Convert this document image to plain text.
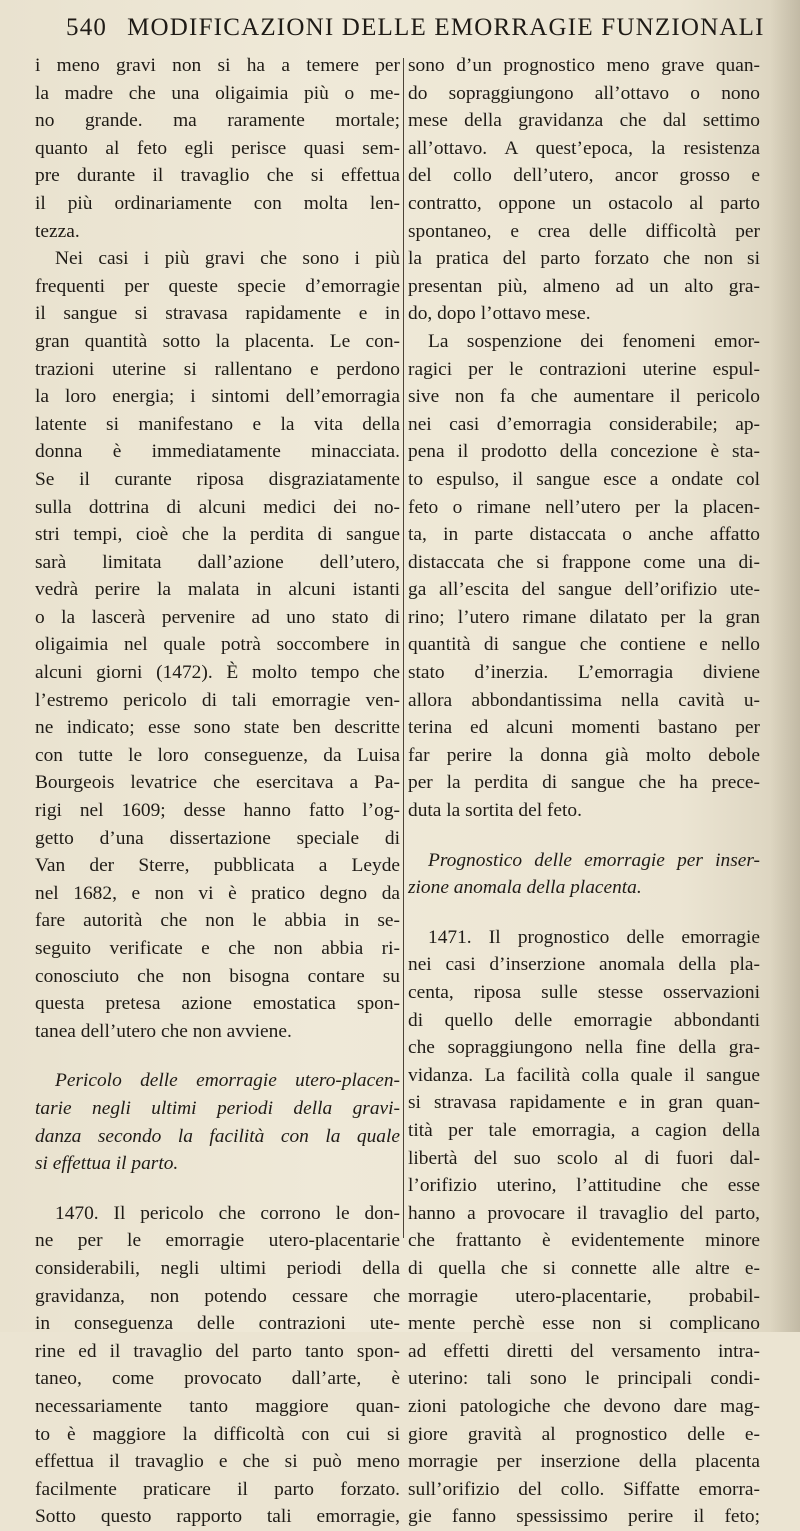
540 MODIFICAZIONI DELLE EMORRAGIE FUNZIONALI
i meno gravi non si ha a temere per
la madre che una oligaimia più o me-
no grande. ma raramente mortale;
quanto al feto egli perisce quasi sem-
pre durante il travaglio che si effettua
il più ordinariamente con molta len-
tezza.
Nei casi i più gravi che sono i più
frequenti per queste specie d’emorragie
il sangue si stravasa rapidamente e in
gran quantità sotto la placenta. Le con-
trazioni uterine si rallentano e perdono
la loro energia; i sintomi dell’emorragia
latente si manifestano e la vita della
donna è immediatamente minacciata.
Se il curante riposa disgraziatamente
sulla dottrina di alcuni medici dei no-
stri tempi, cioè che la perdita di sangue
sarà limitata dall’azione dell’utero,
vedrà perire la malata in alcuni istanti
o la lascerà pervenire ad uno stato di
oligaimia nel quale potrà soccombere in
alcuni giorni (1472). È molto tempo che
l’estremo pericolo di tali emorragie ven-
ne indicato; esse sono state ben descritte
con tutte le loro conseguenze, da Luisa
Bourgeois levatrice che esercitava a Pa-
rigi nel 1609; desse hanno fatto l’og-
getto d’una dissertazione speciale di
Van der Sterre, pubblicata a Leyde
nel 1682, e non vi è pratico degno da
fare autorità che non le abbia in se-
seguito verificate e che non abbia ri-
conosciuto che non bisogna contare su
questa pretesa azione emostatica spon-
tanea dell’utero che non avviene.
Pericolo delle emorragie utero-placen-
tarie negli ultimi periodi della gravi-
danza secondo la facilità con la quale
si effettua il parto.
1470. Il pericolo che corrono le don-
ne per le emorragie utero-placentarie
considerabili, negli ultimi periodi della
gravidanza, non potendo cessare che
in conseguenza delle contrazioni ute-
rine ed il travaglio del parto tanto spon-
taneo, come provocato dall’arte, è
necessariamente tanto maggiore quan-
to è maggiore la difficoltà con cui si
effettua il travaglio e che si può meno
facilmente praticare il parto forzato.
Sotto questo rapporto tali emorragie,
sono d’un prognostico meno grave quan-
do sopraggiungono all’ottavo o nono
mese della gravidanza che dal settimo
all’ottavo. A quest’epoca, la resistenza
del collo dell’utero, ancor grosso e
contratto, oppone un ostacolo al parto
spontaneo, e crea delle difficoltà per
la pratica del parto forzato che non si
presentan più, almeno ad un alto gra-
do, dopo l’ottavo mese.
La sospenzione dei fenomeni emor-
ragici per le contrazioni uterine espul-
sive non fa che aumentare il pericolo
nei casi d’emorragia considerabile; ap-
pena il prodotto della concezione è sta-
to espulso, il sangue esce a ondate col
feto o rimane nell’utero per la placen-
ta, in parte distaccata o anche affatto
distaccata che si frappone come una di-
ga all’escita del sangue dell’orifizio ute-
rino; l’utero rimane dilatato per la gran
quantità di sangue che contiene e nello
stato d’inerzia. L’emorragia diviene
allora abbondantissima nella cavità u-
terina ed alcuni momenti bastano per
far perire la donna già molto debole
per la perdita di sangue che ha prece-
duta la sortita del feto.
Prognostico delle emorragie per inser-
zione anomala della placenta.
1471. Il prognostico delle emorragie
nei casi d’inserzione anomala della pla-
centa, riposa sulle stesse osservazioni
di quello delle emorragie abbondanti
che sopraggiungono nella fine della gra-
vidanza. La facilità colla quale il sangue
si stravasa rapidamente e in gran quan-
tità per tale emorragia, a cagion della
libertà del suo scolo al di fuori dal-
l’orifizio uterino, l’attitudine che esse
hanno a provocare il travaglio del parto,
che frattanto è evidentemente minore
di quella che si connette alle altre e-
morragie utero-placentarie, probabil-
mente perchè esse non si complicano
ad effetti diretti del versamento intra-
uterino: tali sono le principali condi-
zioni patologiche che devono dare mag-
giore gravità al prognostico delle e-
morragie per inserzione della placenta
sull’orifizio del collo. Siffatte emorra-
gie fanno spessissimo perire il feto;
